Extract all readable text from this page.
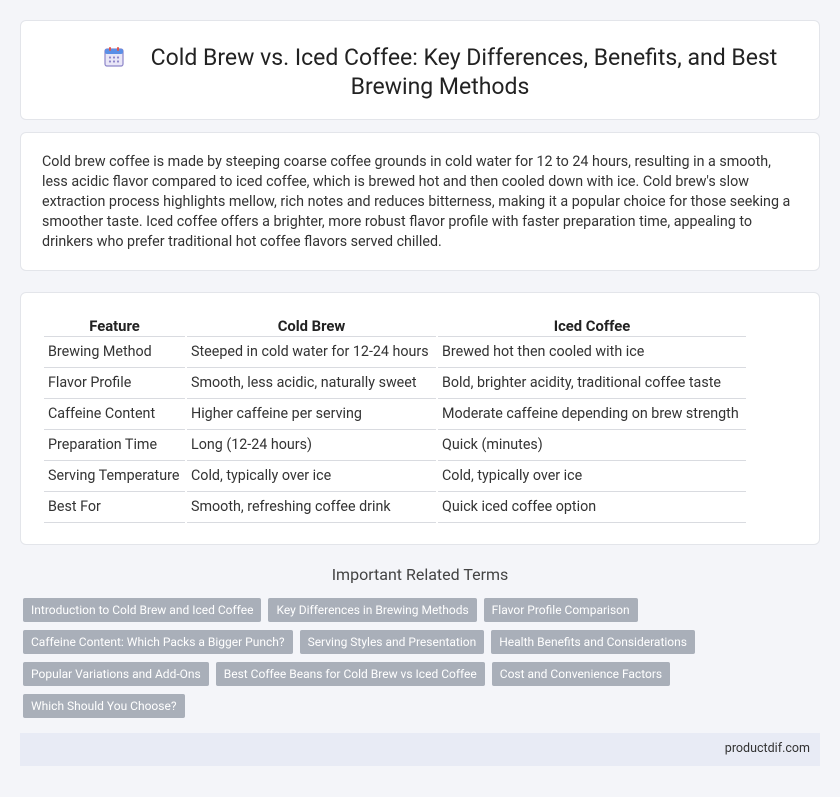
Cold Brew vs. Iced Coffee: Key Differences, Benefits, and Best Brewing Methods

Cold brew coffee is made by steeping coarse coffee grounds in cold water for 12 to 24 hours, resulting in a smooth, less acidic flavor compared to iced coffee, which is brewed hot and then cooled down with ice. Cold brew's slow extraction process highlights mellow, rich notes and reduces bitterness, making it a popular choice for those seeking a smoother taste. Iced coffee offers a brighter, more robust flavor profile with faster preparation time, appealing to drinkers who prefer traditional hot coffee flavors served chilled.

Feature	Cold Brew	Iced Coffee
Brewing Method	Steeped in cold water for 12-24 hours	Brewed hot then cooled with ice
Flavor Profile	Smooth, less acidic, naturally sweet	Bold, brighter acidity, traditional coffee taste
Caffeine Content	Higher caffeine per serving	Moderate caffeine depending on brew strength
Preparation Time	Long (12-24 hours)	Quick (minutes)
Serving Temperature	Cold, typically over ice	Cold, typically over ice
Best For	Smooth, refreshing coffee drink	Quick iced coffee option
Important Related Terms
Introduction to Cold Brew and Iced Coffee	Key Differences in Brewing Methods	Flavor Profile Comparison
Caffeine Content: Which Packs a Bigger Punch?	Serving Styles and Presentation	Health Benefits and Considerations
Popular Variations and Add-Ons	Best Coffee Beans for Cold Brew vs Iced Coffee	Cost and Convenience Factors
Which Should You Choose?
productdif.com
